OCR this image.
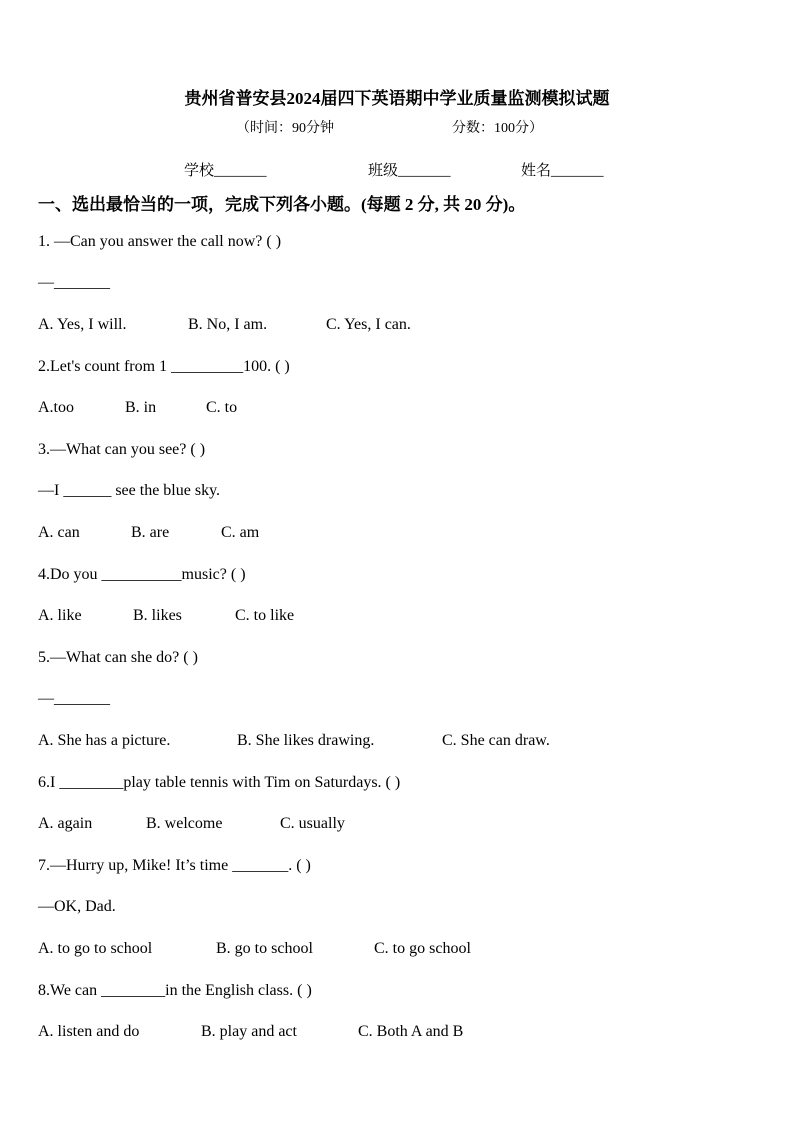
贵州省普安县2024届四下英语期中学业质量监测模拟试题
（时间：90分钟	分数：100分）
学校_______	班级_______	姓名_______
一、选出最恰当的一项，完成下列各小题。(每题 2 分, 共 20 分)。
1. —Can you answer the call now? ( )
—_______
A. Yes, I will.	B. No, I am.	C. Yes, I can.
2.Let's count from 1 _________100. ( )
A.too	B. in	C. to
3.—What can you see? ( )
—I ______ see the blue sky.
A. can	B. are	C. am
4.Do you __________music? ( )
A. like	B. likes	C. to like
5.—What can she do? ( )
—_______
A. She has a picture.	B. She likes drawing.	C. She can draw.
6.I ________play table tennis with Tim on Saturdays. ( )
A. again	B. welcome	C. usually
7.—Hurry up, Mike! It’s time _______. ( )
—OK, Dad.
A. to go to school	B. go to school	C. to go school
8.We can ________in the English class. ( )
A. listen and do	B. play and act	C. Both A and B
